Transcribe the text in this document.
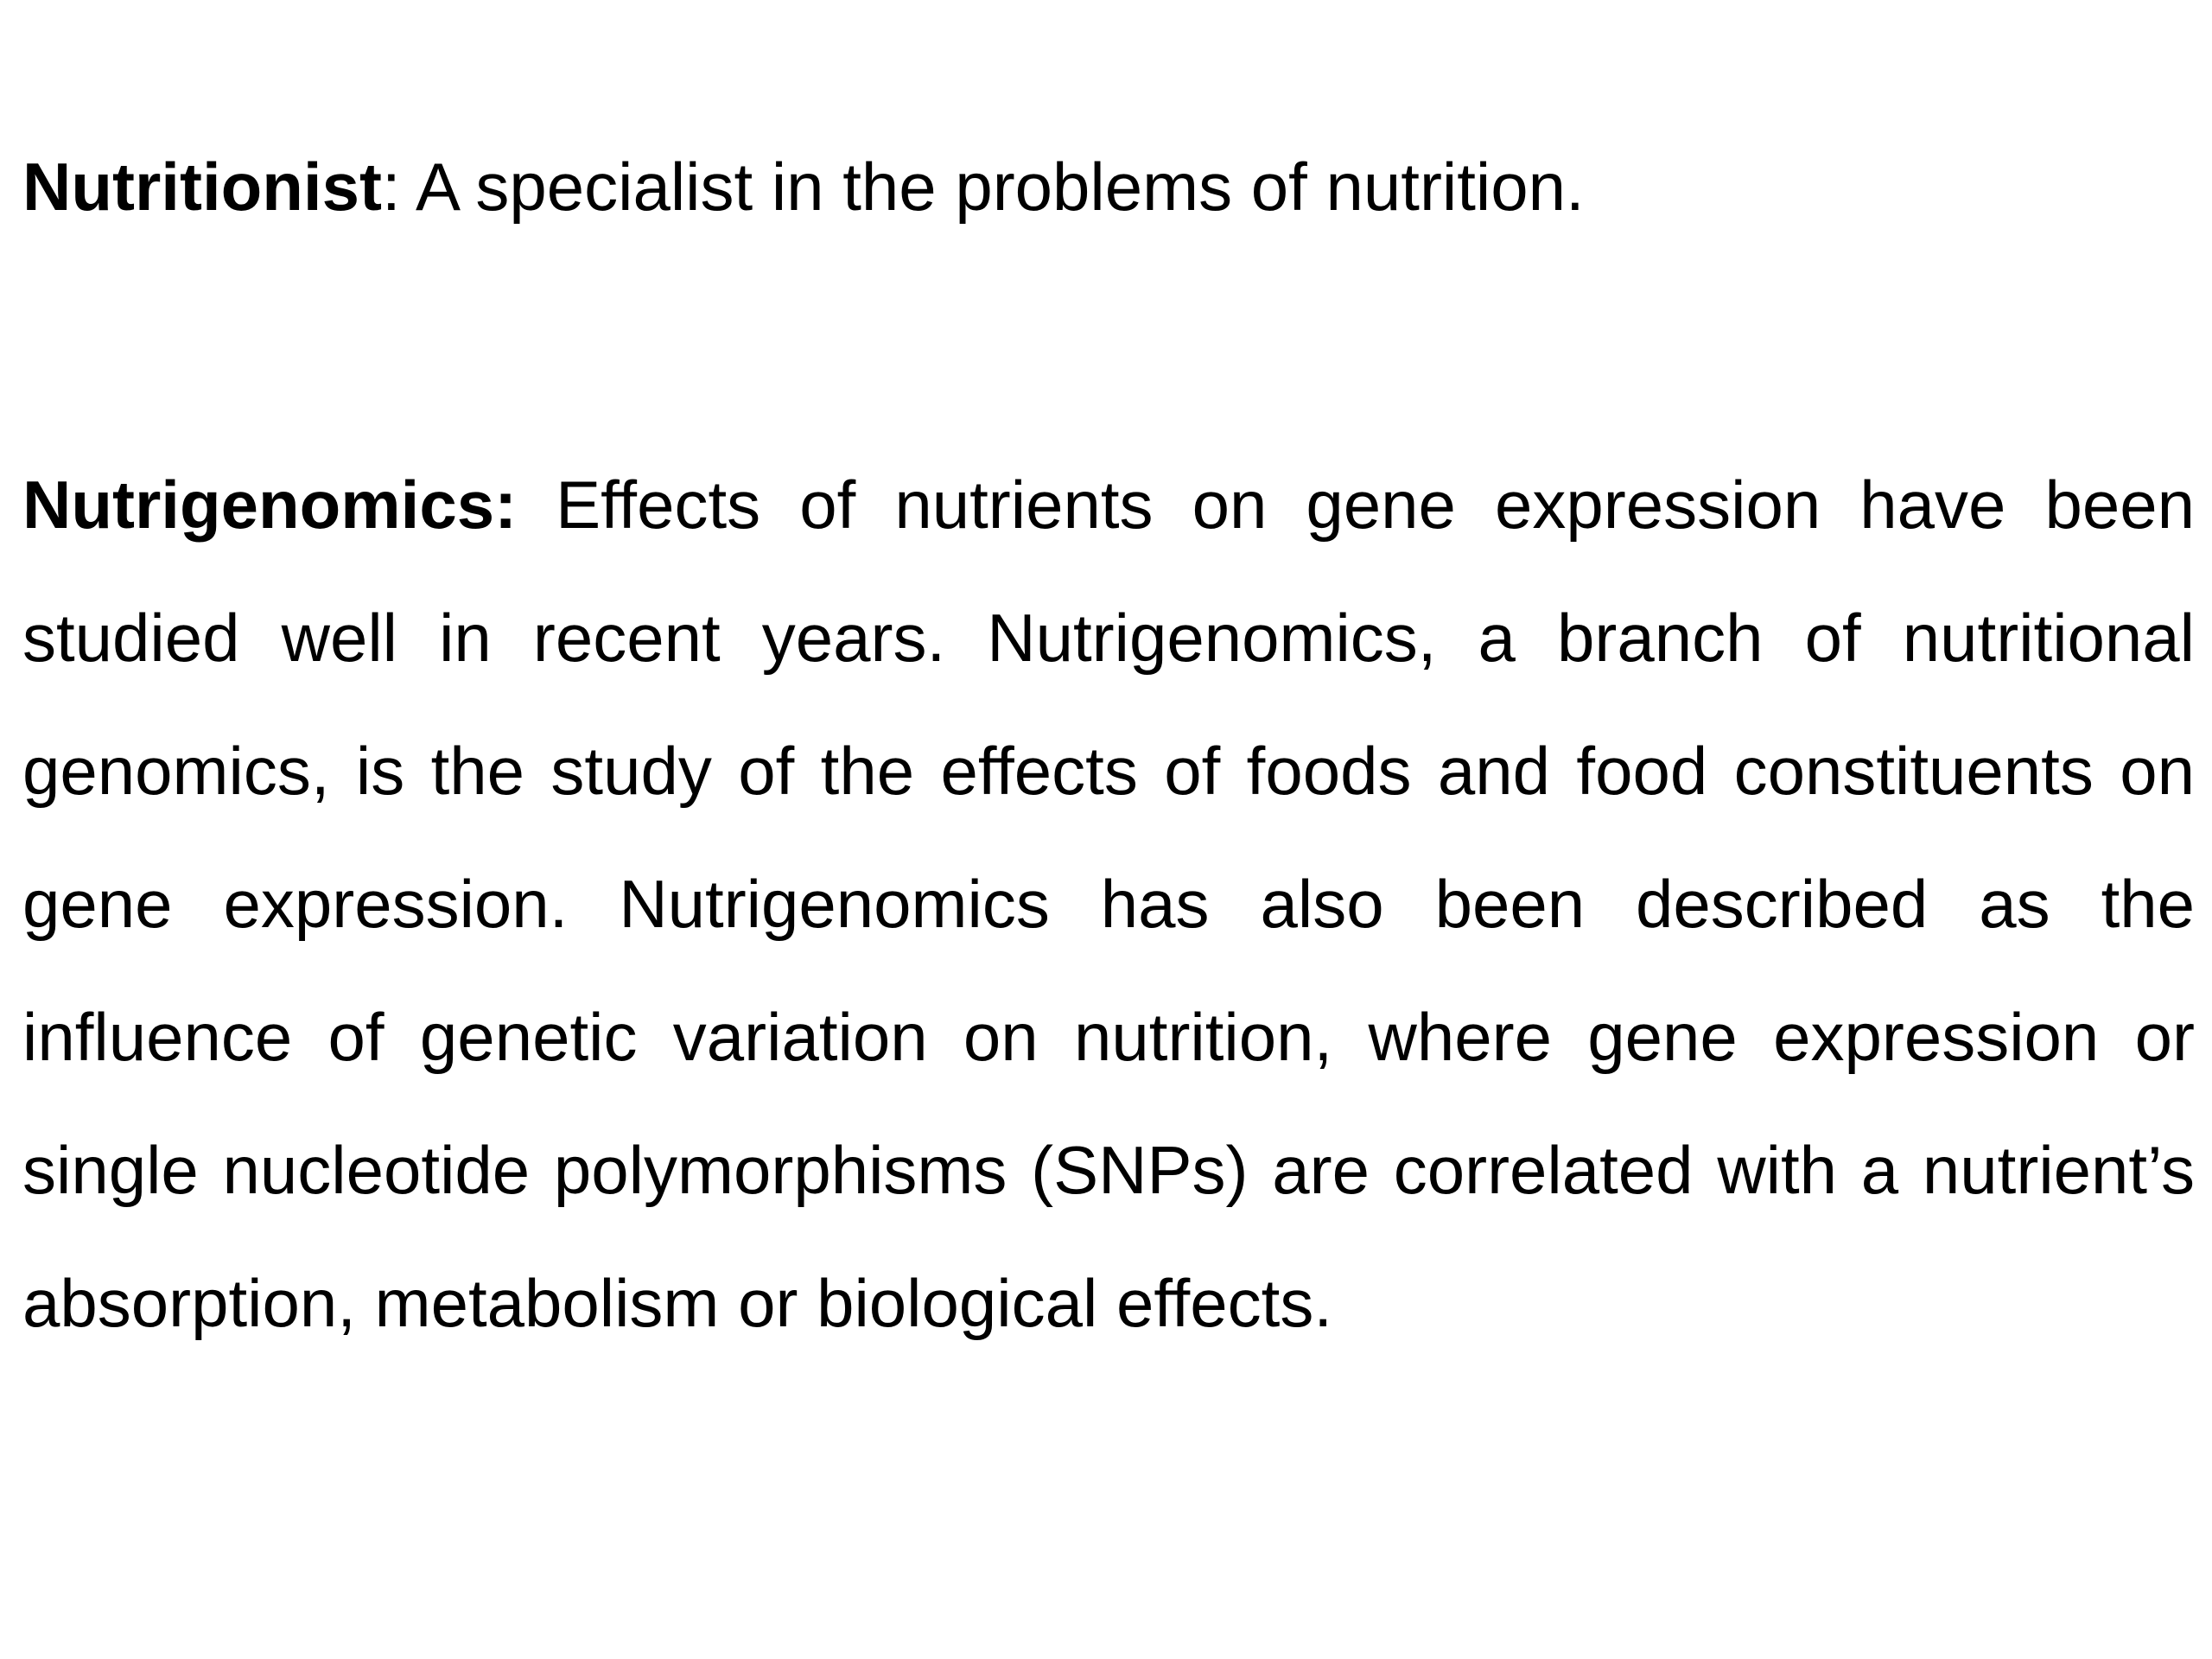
Nutritionist: A specialist in the problems of nutrition.

Nutrigenomics: Effects of nutrients on gene expression have been studied well in recent years. Nutrigenomics, a branch of nutritional genomics, is the study of the effects of foods and food constituents on gene expression. Nutrigenomics has also been described as the influence of genetic variation on nutrition, where gene expression or single nucleotide polymorphisms (SNPs) are correlated with a nutrient’s absorption, metabolism or biological effects.
